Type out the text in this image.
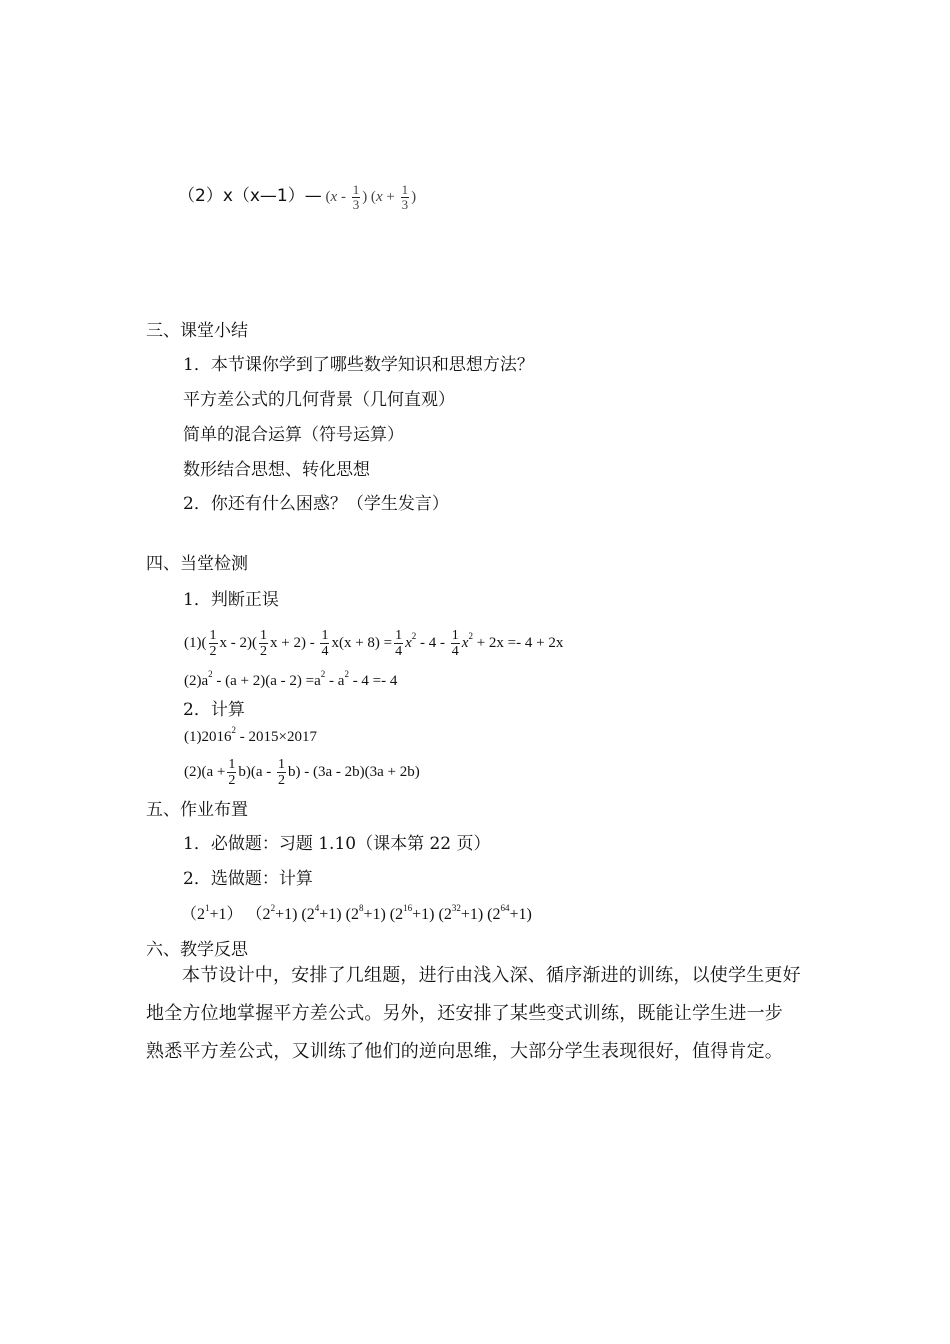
（2）x（x—1）— ($x - \frac{1}{3}$ ) ($x + \frac{1}{3}$ )
三、课堂小结
1．本节课你学到了哪些数学知识和思想方法？
平方差公式的几何背景（几何直观）
简单的混合运算（符号运算）
数形结合思想、转化思想
2．你还有什么困惑？（学生发言）
四、当堂检测
1．判断正误
$(1)( \frac{1}{2}$ x - $2)( \frac{1}{2}$ $x + 2) - \frac{1}{4} x(x + 8) = \frac{1}{4} x^2 - 4 - \frac{1}{4} x^2 + 2x =- 4 + 2x$
$(2)a^2 - (a + 2)(a - 2) =a^2 - a^2 - 4 =- 4$
2．计算
(1)2016$^2$ - 2015×2017
$(2)(a + \frac{1}{2} b)(a - \frac{1}{2} b) - (3a - 2b)(3a + 2b)$
五、作业布置
1．必做题：习题 1.10（课本第 22 页）
2．选做题：计算
$(2^1+1)$ $(2^2+1)$ $(2^4+1)$ $(2^8+1)$ $(2^{16}+1)$ $(2^{32}+1)$ $(2^{64}+1)$
六、教学反思
本节设计中，安排了几组题，进行由浅入深、循序渐进的训练，以使学生更好
地全方位地掌握平方差公式。另外，还安排了某些变式训练，既能让学生进一步
熟悉平方差公式，又训练了他们的逆向思维，大部分学生表现很好，值得肯定。
